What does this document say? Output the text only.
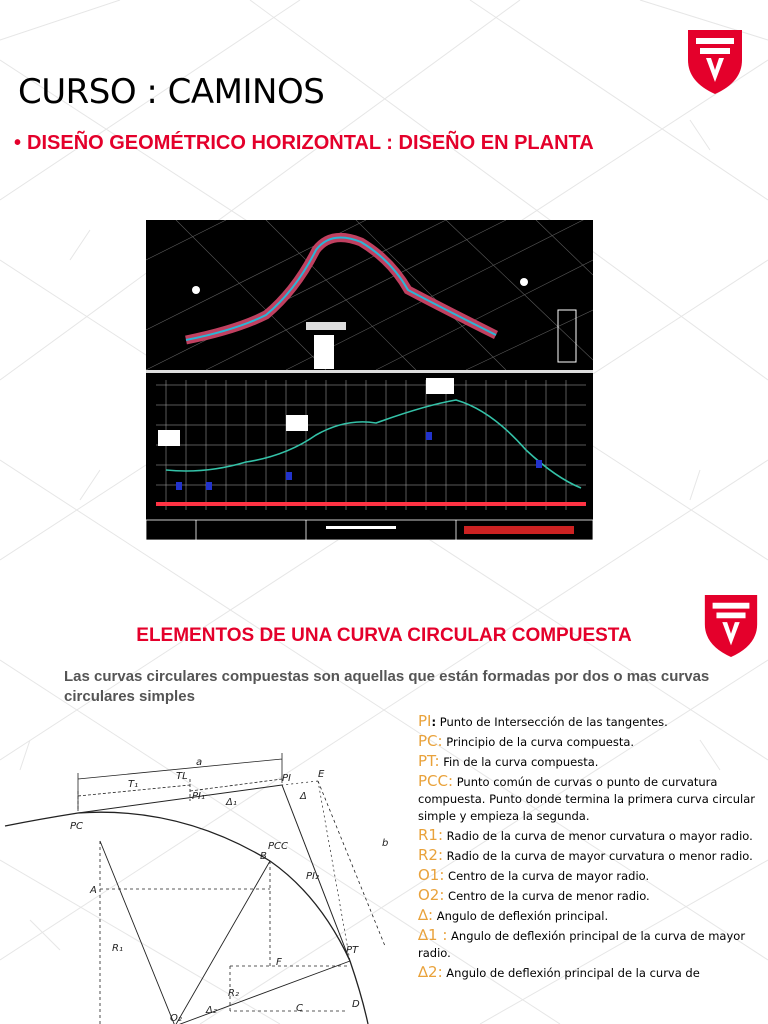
CURSO : CAMINOS

• DISEÑO GEOMÉTRICO HORIZONTAL : DISEÑO EN PLANTA

ELEMENTOS DE UNA CURVA CIRCULAR COMPUESTA

Las curvas circulares compuestas son aquellas que están formadas por dos o mas curvas circulares simples

PC
PI
PI₁
PCC
PI₂
PT
a
T₁
TL
b
E
B
A
F
C	D
R₁
R₂
O₂
Δ
Δ₁
Δ₂
PI: Punto de Intersección de las tangentes.
PC: Principio de la curva compuesta.
PT: Fin de la curva compuesta.
PCC: Punto común de curvas o punto de curvatura compuesta. Punto donde termina la primera curva circular simple y empieza la segunda.
R1: Radio de la curva de menor curvatura o mayor radio.
R2: Radio de la curva de mayor curvatura o menor radio.
O1: Centro de la curva de mayor radio.
O2: Centro de la curva de menor radio.
∆: Angulo de deflexión principal.
∆1 : Angulo de deflexión principal de la curva de mayor radio.
∆2: Angulo de deflexión principal de la curva de
